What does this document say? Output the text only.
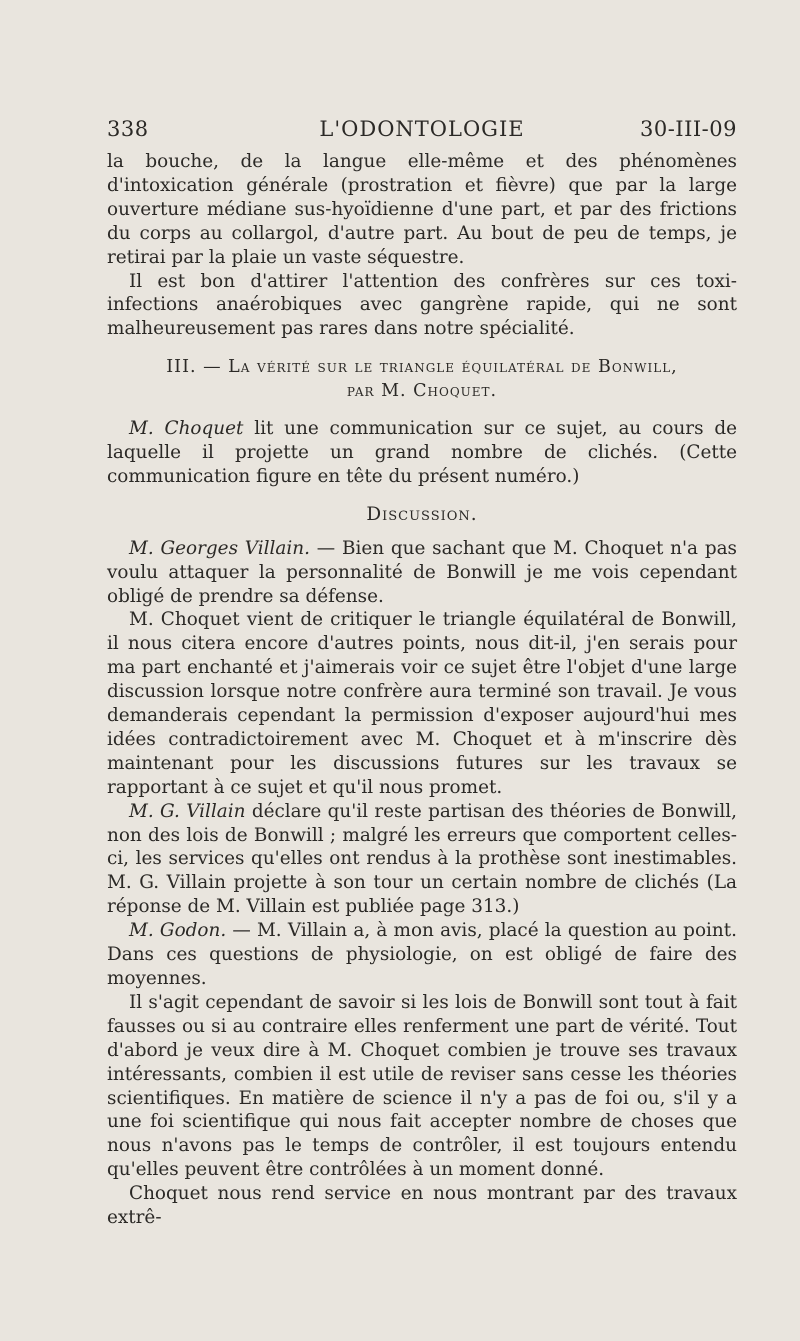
338	L'ODONTOLOGIE	30-III-09

la bouche, de la langue elle-même et des phénomènes d'intoxication générale (prostration et fièvre) que par la large ouverture médiane sus-hyoïdienne d'une part, et par des frictions du corps au collargol, d'autre part. Au bout de peu de temps, je retirai par la plaie un vaste séquestre.

Il est bon d'attirer l'attention des confrères sur ces toxi-infections anaérobiques avec gangrène rapide, qui ne sont malheureusement pas rares dans notre spécialité.

III. — La vérité sur le triangle équilatéral de Bonwill,
par M. Choquet.

M. Choquet lit une communication sur ce sujet, au cours de laquelle il projette un grand nombre de clichés. (Cette communication figure en tête du présent numéro.)

Discussion.

M. Georges Villain. — Bien que sachant que M. Choquet n'a pas voulu attaquer la personnalité de Bonwill je me vois cependant obligé de prendre sa défense.

M. Choquet vient de critiquer le triangle équilatéral de Bonwill, il nous citera encore d'autres points, nous dit-il, j'en serais pour ma part enchanté et j'aimerais voir ce sujet être l'objet d'une large discussion lorsque notre confrère aura terminé son travail. Je vous demanderais cependant la permission d'exposer aujourd'hui mes idées contradictoirement avec M. Choquet et à m'inscrire dès maintenant pour les discussions futures sur les travaux se rapportant à ce sujet et qu'il nous promet.

M. G. Villain déclare qu'il reste partisan des théories de Bonwill, non des lois de Bonwill ; malgré les erreurs que comportent celles-ci, les services qu'elles ont rendus à la prothèse sont inestimables. M. G. Villain projette à son tour un certain nombre de clichés (La réponse de M. Villain est publiée page 313.)

M. Godon. — M. Villain a, à mon avis, placé la question au point. Dans ces questions de physiologie, on est obligé de faire des moyennes.

Il s'agit cependant de savoir si les lois de Bonwill sont tout à fait fausses ou si au contraire elles renferment une part de vérité. Tout d'abord je veux dire à M. Choquet combien je trouve ses travaux intéressants, combien il est utile de reviser sans cesse les théories scientifiques. En matière de science il n'y a pas de foi ou, s'il y a une foi scientifique qui nous fait accepter nombre de choses que nous n'avons pas le temps de contrôler, il est toujours entendu qu'elles peuvent être contrôlées à un moment donné.

Choquet nous rend service en nous montrant par des travaux extrê-
